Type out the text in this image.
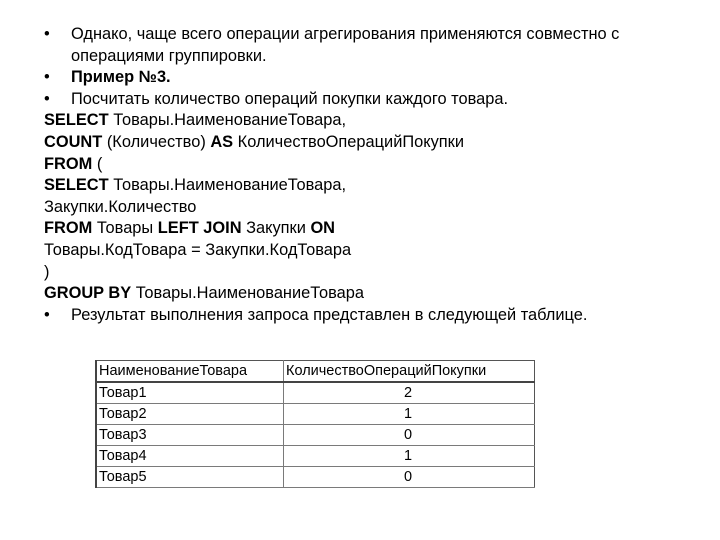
• Однако, чаще всего операции агрегирования применяются совместно с операциями группировки.
• Пример №3.
• Посчитать количество операций покупки каждого товара.
SELECT Товары.НаименованиеТовара,
COUNT (Количество) AS КоличествоОперацийПокупки
FROM (
SELECT Товары.НаименованиеТовара,
Закупки.Количество
FROM Товары LEFT JOIN Закупки ON
Товары.КодТовара = Закупки.КодТовара
)
GROUP BY Товары.НаименованиеТовара
• Результат выполнения запроса представлен в следующей таблице.
НаименованиеТовара	КоличествоОперацийПокупки
Товар1	2
Товар2	1
Товар3	0
Товар4	1
Товар5	0
